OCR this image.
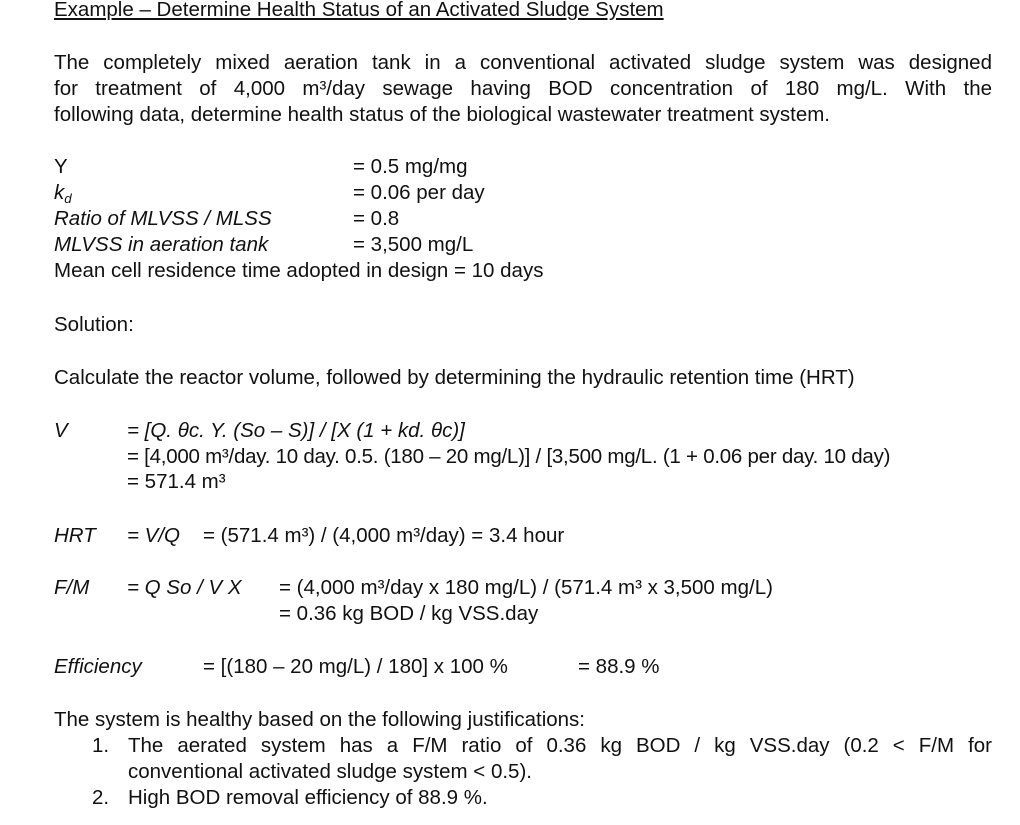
Example – Determine Health Status of an Activated Sludge System
The completely mixed aeration tank in a conventional activated sludge system was designed
for treatment of 4,000 m³/day sewage having BOD concentration of 180 mg/L. With the
following data, determine health status of the biological wastewater treatment system.
Y	= 0.5 mg/mg
$k_d$	= 0.06 per day
Ratio of MLVSS / MLSS	= 0.8
MLVSS in aeration tank	= 3,500 mg/L
Mean cell residence time adopted in design = 10 days
Solution:
Calculate the reactor volume, followed by determining the hydraulic retention time (HRT)
V	= [Q. θc. Y. (So – S)] / [X (1 + kd. θc)]
= [4,000 m³/day. 10 day. 0.5. (180 – 20 mg/L)] / [3,500 mg/L. (1 + 0.06 per day. 10 day)
= 571.4 m³
HRT = V/Q = (571.4 m³) / (4,000 m³/day) = 3.4 hour
F/M = Q So / V X = (4,000 m³/day x 180 mg/L) / (571.4 m³ x 3,500 mg/L)
= 0.36 kg BOD / kg VSS.day
Efficiency	= [(180 – 20 mg/L) / 180] x 100 %	= 88.9 %
The system is healthy based on the following justifications:
1. The aerated system has a F/M ratio of 0.36 kg BOD / kg VSS.day (0.2 < F/M for
conventional activated sludge system < 0.5).
2. High BOD removal efficiency of 88.9 %.
